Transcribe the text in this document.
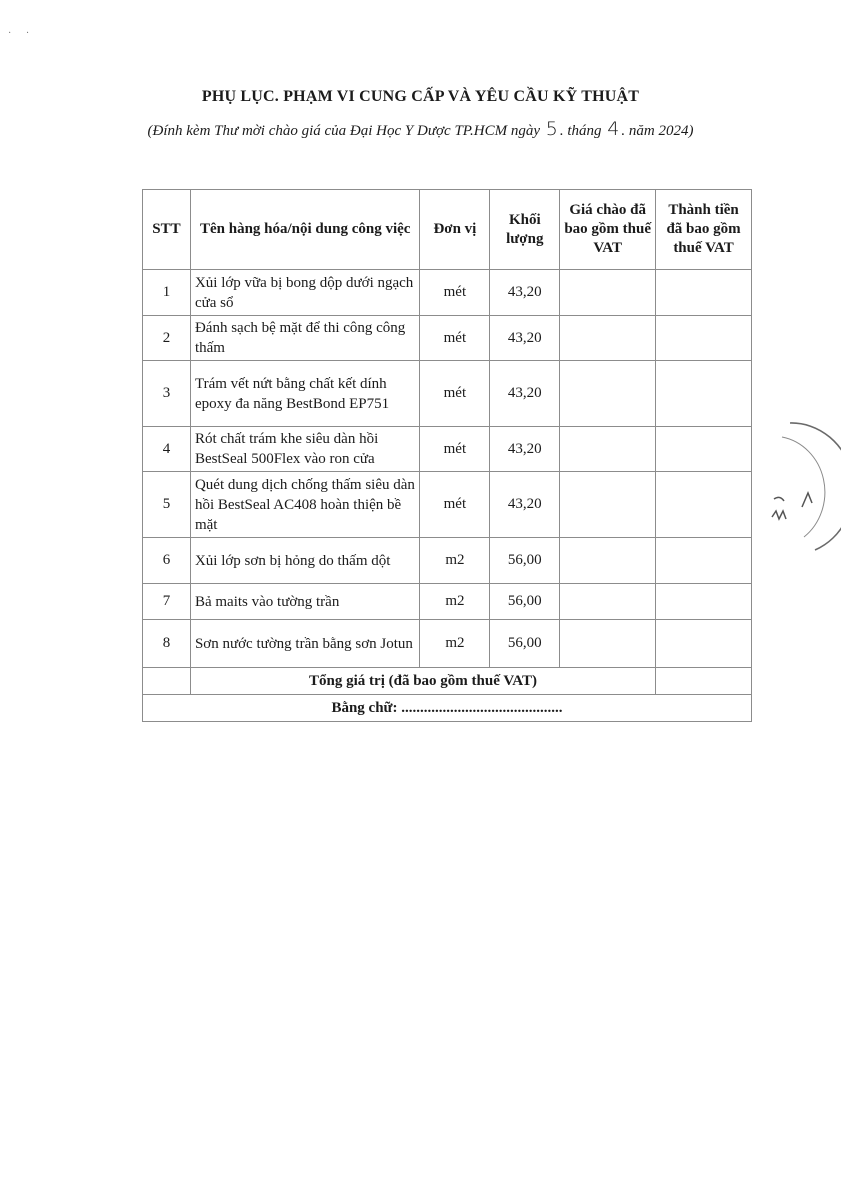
PHỤ LỤC. PHẠM VI CUNG CẤP VÀ YÊU CẦU KỸ THUẬT
(Đính kèm Thư mời chào giá của Đại Học Y Dược TP.HCM ngày 5 . tháng 4 . năm 2024)
STT	Tên hàng hóa/nội dung công việc	Đơn vị	Khối lượng	Giá chào đã bao gồm thuế VAT	Thành tiền đã bao gồm thuế VAT
1	Xủi lớp vữa bị bong dộp dưới ngạch cửa sổ	mét	43,20		
2	Đánh sạch bệ mặt để thi công công thấm	mét	43,20		
3	Trám vết nứt bằng chất kết dính epoxy đa năng BestBond EP751	mét	43,20		
4	Rót chất trám khe siêu dàn hồi BestSeal 500Flex vào ron cửa	mét	43,20		
5	Quét dung dịch chống thấm siêu dàn hồi BestSeal AC408 hoàn thiện bề mặt	mét	43,20		
6	Xủi lớp sơn bị hỏng do thấm dột	m2	56,00		
7	Bả maits vào tường trần	m2	56,00		
8	Sơn nước tường trần bằng sơn Jotun	m2	56,00		
	Tổng giá trị (đã bao gồm thuế VAT)				
Bằng chữ: ...........................................					
· ·
